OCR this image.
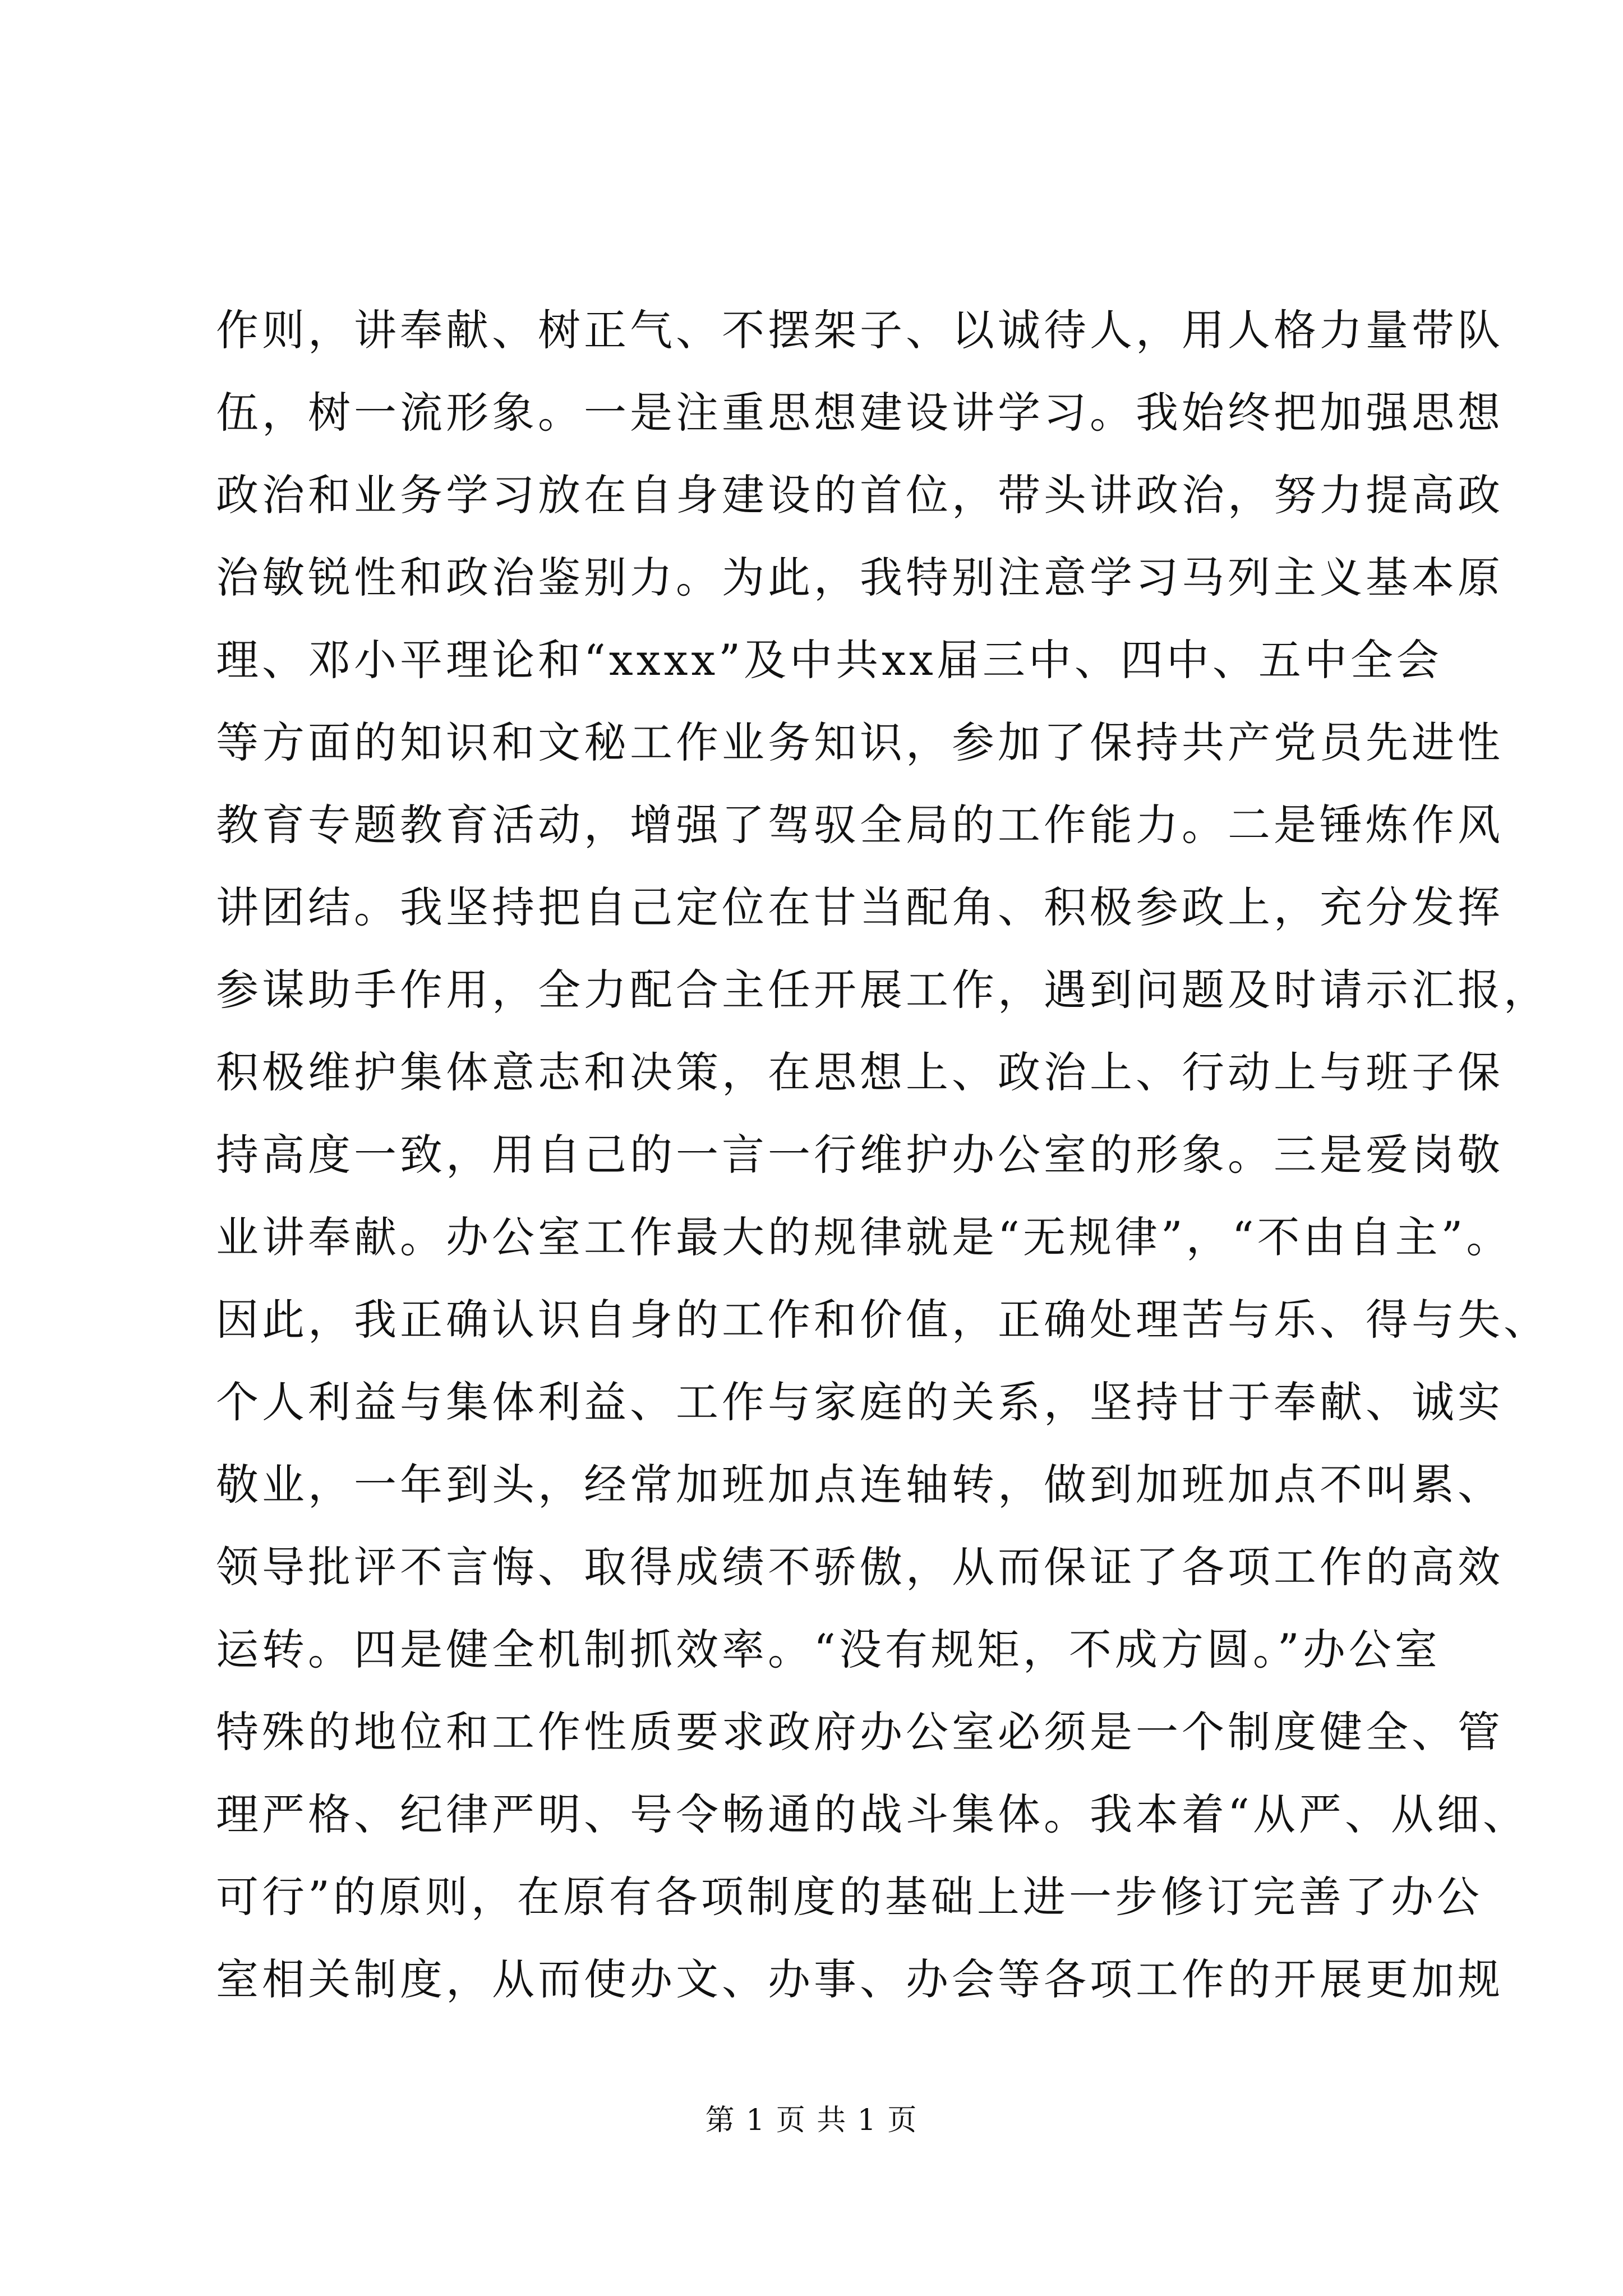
作则，讲奉献、树正气、不摆架子、以诚待人，用人格力量带队
伍，树一流形象。一是注重思想建设讲学习。我始终把加强思想
政治和业务学习放在自身建设的首位，带头讲政治，努力提高政
治敏锐性和政治鉴别力。为此，我特别注意学习马列主义基本原
理、邓小平理论和“xxxx”及中共xx届三中、四中、五中全会
等方面的知识和文秘工作业务知识，参加了保持共产党员先进性
教育专题教育活动，增强了驾驭全局的工作能力。二是锤炼作风
讲团结。我坚持把自己定位在甘当配角、积极参政上，充分发挥
参谋助手作用，全力配合主任开展工作，遇到问题及时请示汇报，
积极维护集体意志和决策，在思想上、政治上、行动上与班子保
持高度一致，用自己的一言一行维护办公室的形象。三是爱岗敬
业讲奉献。办公室工作最大的规律就是“无规律”，“不由自主”。
因此，我正确认识自身的工作和价值，正确处理苦与乐、得与失、
个人利益与集体利益、工作与家庭的关系，坚持甘于奉献、诚实
敬业，一年到头，经常加班加点连轴转，做到加班加点不叫累、
领导批评不言悔、取得成绩不骄傲，从而保证了各项工作的高效
运转。四是健全机制抓效率。“没有规矩，不成方圆。”办公室
特殊的地位和工作性质要求政府办公室必须是一个制度健全、管
理严格、纪律严明、号令畅通的战斗集体。我本着“从严、从细、
可行”的原则，在原有各项制度的基础上进一步修订完善了办公
室相关制度，从而使办文、办事、办会等各项工作的开展更加规
第 1 页 共 1 页
